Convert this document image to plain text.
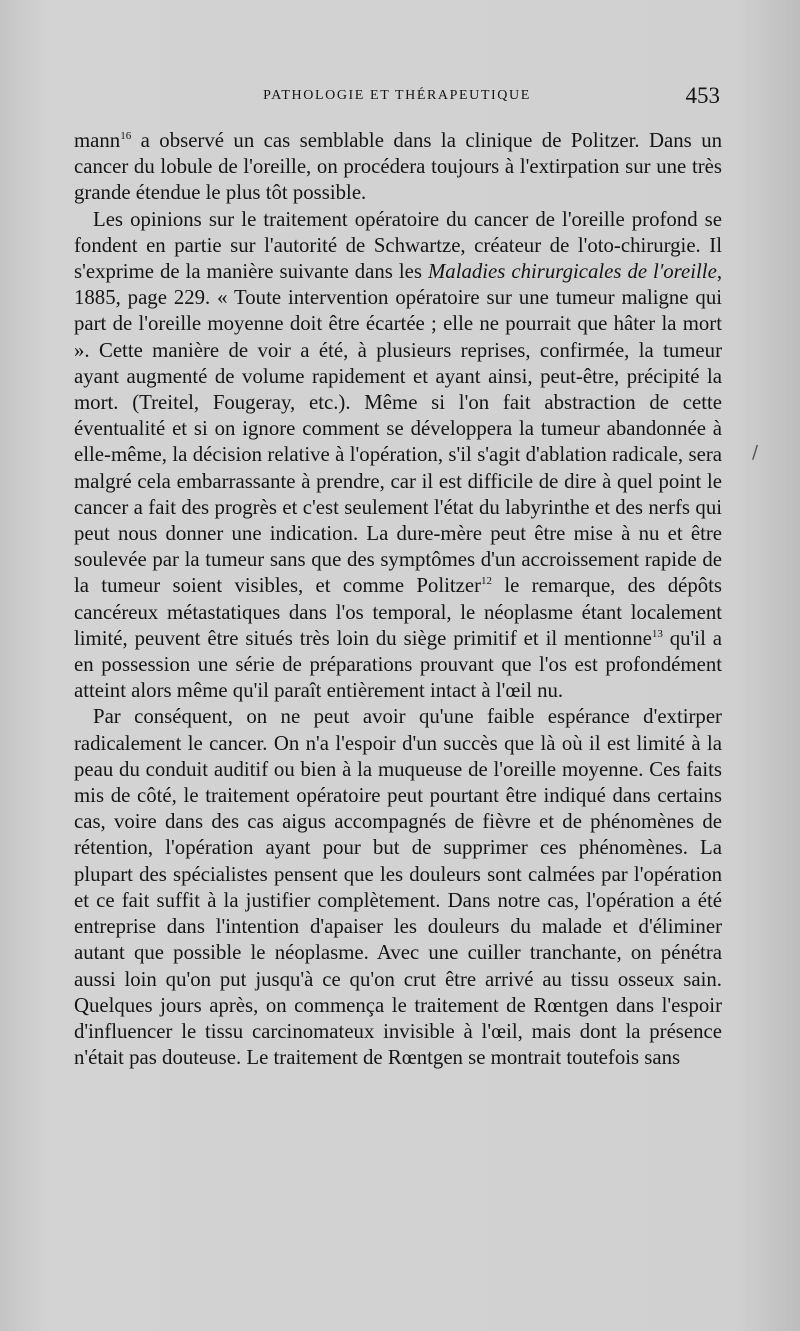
PATHOLOGIE ET THÉRAPEUTIQUE	453

mann$^{16}$ a observé un cas semblable dans la clinique de Politzer. Dans un cancer du lobule de l'oreille, on procédera toujours à l'extirpation sur une très grande étendue le plus tôt possible.

Les opinions sur le traitement opératoire du cancer de l'oreille profond se fondent en partie sur l'autorité de Schwartze, créateur de l'oto-chirurgie. Il s'exprime de la manière suivante dans les Maladies chirurgicales de l'oreille, 1885, page 229. « Toute intervention opératoire sur une tumeur maligne qui part de l'oreille moyenne doit être écartée ; elle ne pourrait que hâter la mort ». Cette manière de voir a été, à plusieurs reprises, confirmée, la tumeur ayant augmenté de volume rapidement et ayant ainsi, peut-être, précipité la mort. (Treitel, Fougeray, etc.). Même si l'on fait abstraction de cette éventualité et si on ignore comment se développera la tumeur abandonnée à elle-même, la décision relative à l'opération, s'il s'agit d'ablation radicale, sera malgré cela embarrassante à prendre, car il est difficile de dire à quel point le cancer a fait des progrès et c'est seulement l'état du labyrinthe et des nerfs qui peut nous donner une indication. La dure-mère peut être mise à nu et être soulevée par la tumeur sans que des symptômes d'un accroissement rapide de la tumeur soient visibles, et comme Politzer$^{12}$ le remarque, des dépôts cancéreux métastatiques dans l'os temporal, le néoplasme étant localement limité, peuvent être situés très loin du siège primitif et il mentionne$^{13}$ qu'il a en possession une série de préparations prouvant que l'os est profondément atteint alors même qu'il paraît entièrement intact à l'œil nu.

Par conséquent, on ne peut avoir qu'une faible espérance d'extirper radicalement le cancer. On n'a l'espoir d'un succès que là où il est limité à la peau du conduit auditif ou bien à la muqueuse de l'oreille moyenne. Ces faits mis de côté, le traitement opératoire peut pourtant être indiqué dans certains cas, voire dans des cas aigus accompagnés de fièvre et de phénomènes de rétention, l'opération ayant pour but de supprimer ces phénomènes. La plupart des spécialistes pensent que les douleurs sont calmées par l'opération et ce fait suffit à la justifier complètement. Dans notre cas, l'opération a été entreprise dans l'intention d'apaiser les douleurs du malade et d'éliminer autant que possible le néoplasme. Avec une cuiller tranchante, on pénétra aussi loin qu'on put jusqu'à ce qu'on crut être arrivé au tissu osseux sain. Quelques jours après, on commença le traitement de Rœntgen dans l'espoir d'influencer le tissu carcinomateux invisible à l'œil, mais dont la présence n'était pas douteuse. Le traitement de Rœntgen se montrait toutefois sans

/
